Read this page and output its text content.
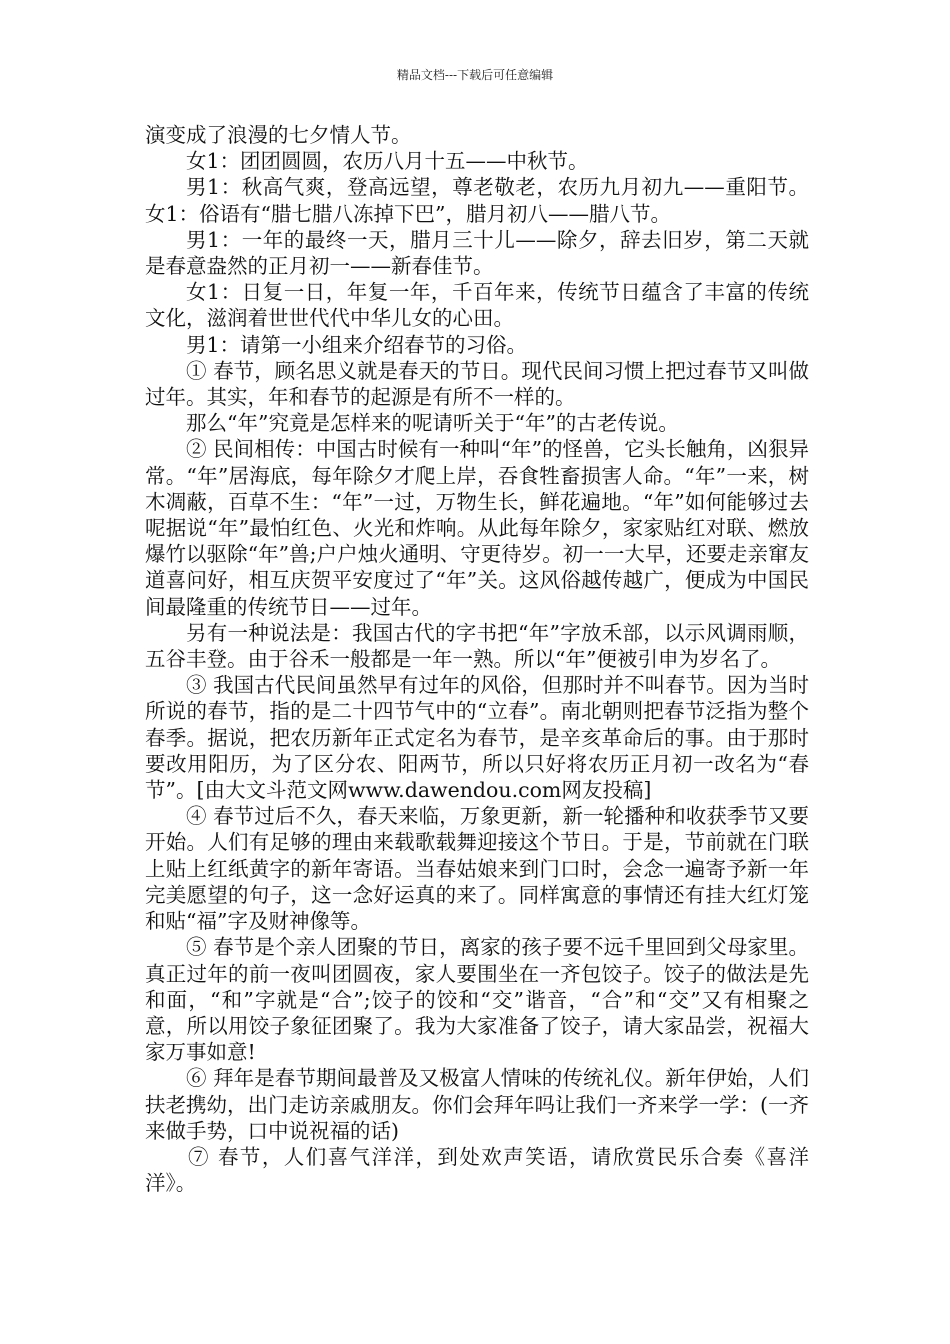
精品文档---下载后可任意编辑

演变成了浪漫的七夕情人节。

女1：团团圆圆，农历八月十五——中秋节。

男1：秋高气爽，登高远望，尊老敬老，农历九月初九——重阳节。女1：俗语有“腊七腊八冻掉下巴”，腊月初八——腊八节。

男1：一年的最终一天，腊月三十儿——除夕，辞去旧岁，第二天就是春意盎然的正月初一——新春佳节。

女1：日复一日，年复一年，千百年来，传统节日蕴含了丰富的传统文化，滋润着世世代代中华儿女的心田。

男1：请第一小组来介绍春节的习俗。

① 春节，顾名思义就是春天的节日。现代民间习惯上把过春节又叫做过年。其实，年和春节的起源是有所不一样的。

那么“年”究竟是怎样来的呢请听关于“年”的古老传说。

② 民间相传：中国古时候有一种叫“年”的怪兽，它头长触角，凶狠异常。“年”居海底，每年除夕才爬上岸，吞食牲畜损害人命。“年”一来，树木凋蔽，百草不生：“年”一过，万物生长，鲜花遍地。“年”如何能够过去呢据说“年”最怕红色、火光和炸响。从此每年除夕，家家贴红对联、燃放爆竹以驱除“年”兽;户户烛火通明、守更待岁。初一一大早，还要走亲窜友道喜问好，相互庆贺平安度过了“年”关。这风俗越传越广，便成为中国民间最隆重的传统节日——过年。

另有一种说法是：我国古代的字书把“年”字放禾部，以示风调雨顺，五谷丰登。由于谷禾一般都是一年一熟。所以“年”便被引申为岁名了。

③ 我国古代民间虽然早有过年的风俗，但那时并不叫春节。因为当时所说的春节，指的是二十四节气中的“立春”。南北朝则把春节泛指为整个春季。据说，把农历新年正式定名为春节，是辛亥革命后的事。由于那时要改用阳历，为了区分农、阳两节，所以只好将农历正月初一改名为“春节”。[由大文斗范文网www.dawendou.com网友投稿]

④ 春节过后不久，春天来临，万象更新，新一轮播种和收获季节又要开始。人们有足够的理由来载歌载舞迎接这个节日。于是，节前就在门联上贴上红纸黄字的新年寄语。当春姑娘来到门口时，会念一遍寄予新一年完美愿望的句子，这一念好运真的来了。同样寓意的事情还有挂大红灯笼和贴“福”字及财神像等。

⑤ 春节是个亲人团聚的节日，离家的孩子要不远千里回到父母家里。真正过年的前一夜叫团圆夜，家人要围坐在一齐包饺子。饺子的做法是先和面，“和”字就是“合”;饺子的饺和“交”谐音，“合”和“交”又有相聚之意，所以用饺子象征团聚了。我为大家准备了饺子，请大家品尝，祝福大家万事如意!

⑥ 拜年是春节期间最普及又极富人情味的传统礼仪。新年伊始，人们扶老携幼，出门走访亲戚朋友。你们会拜年吗让我们一齐来学一学：(一齐来做手势，口中说祝福的话)

⑦ 春节，人们喜气洋洋，到处欢声笑语，请欣赏民乐合奏《喜洋洋》。
